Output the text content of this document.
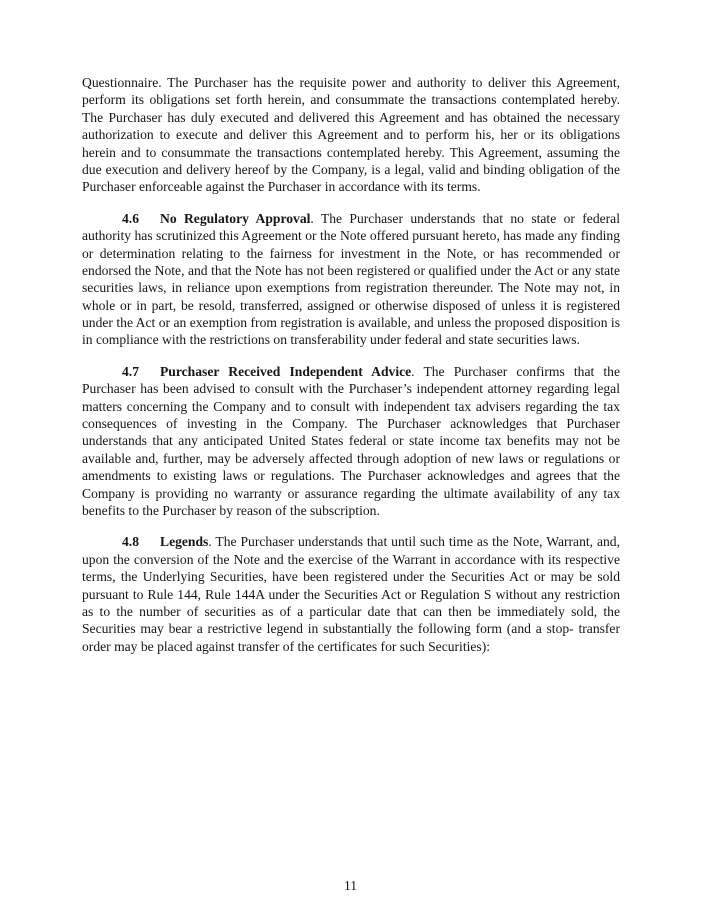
Questionnaire. The Purchaser has the requisite power and authority to deliver this Agreement, perform its obligations set forth herein, and consummate the transactions contemplated hereby. The Purchaser has duly executed and delivered this Agreement and has obtained the necessary authorization to execute and deliver this Agreement and to perform his, her or its obligations herein and to consummate the transactions contemplated hereby. This Agreement, assuming the due execution and delivery hereof by the Company, is a legal, valid and binding obligation of the Purchaser enforceable against the Purchaser in accordance with its terms.

4.6 No Regulatory Approval. The Purchaser understands that no state or federal authority has scrutinized this Agreement or the Note offered pursuant hereto, has made any finding or determination relating to the fairness for investment in the Note, or has recommended or endorsed the Note, and that the Note has not been registered or qualified under the Act or any state securities laws, in reliance upon exemptions from registration thereunder. The Note may not, in whole or in part, be resold, transferred, assigned or otherwise disposed of unless it is registered under the Act or an exemption from registration is available, and unless the proposed disposition is in compliance with the restrictions on transferability under federal and state securities laws.

4.7 Purchaser Received Independent Advice. The Purchaser confirms that the Purchaser has been advised to consult with the Purchaser’s independent attorney regarding legal matters concerning the Company and to consult with independent tax advisers regarding the tax consequences of investing in the Company. The Purchaser acknowledges that Purchaser understands that any anticipated United States federal or state income tax benefits may not be available and, further, may be adversely affected through adoption of new laws or regulations or amendments to existing laws or regulations. The Purchaser acknowledges and agrees that the Company is providing no warranty or assurance regarding the ultimate availability of any tax benefits to the Purchaser by reason of the subscription.

4.8 Legends. The Purchaser understands that until such time as the Note, Warrant, and, upon the conversion of the Note and the exercise of the Warrant in accordance with its respective terms, the Underlying Securities, have been registered under the Securities Act or may be sold pursuant to Rule 144, Rule 144A under the Securities Act or Regulation S without any restriction as to the number of securities as of a particular date that can then be immediately sold, the Securities may bear a restrictive legend in substantially the following form (and a stop- transfer order may be placed against transfer of the certificates for such Securities):

11
